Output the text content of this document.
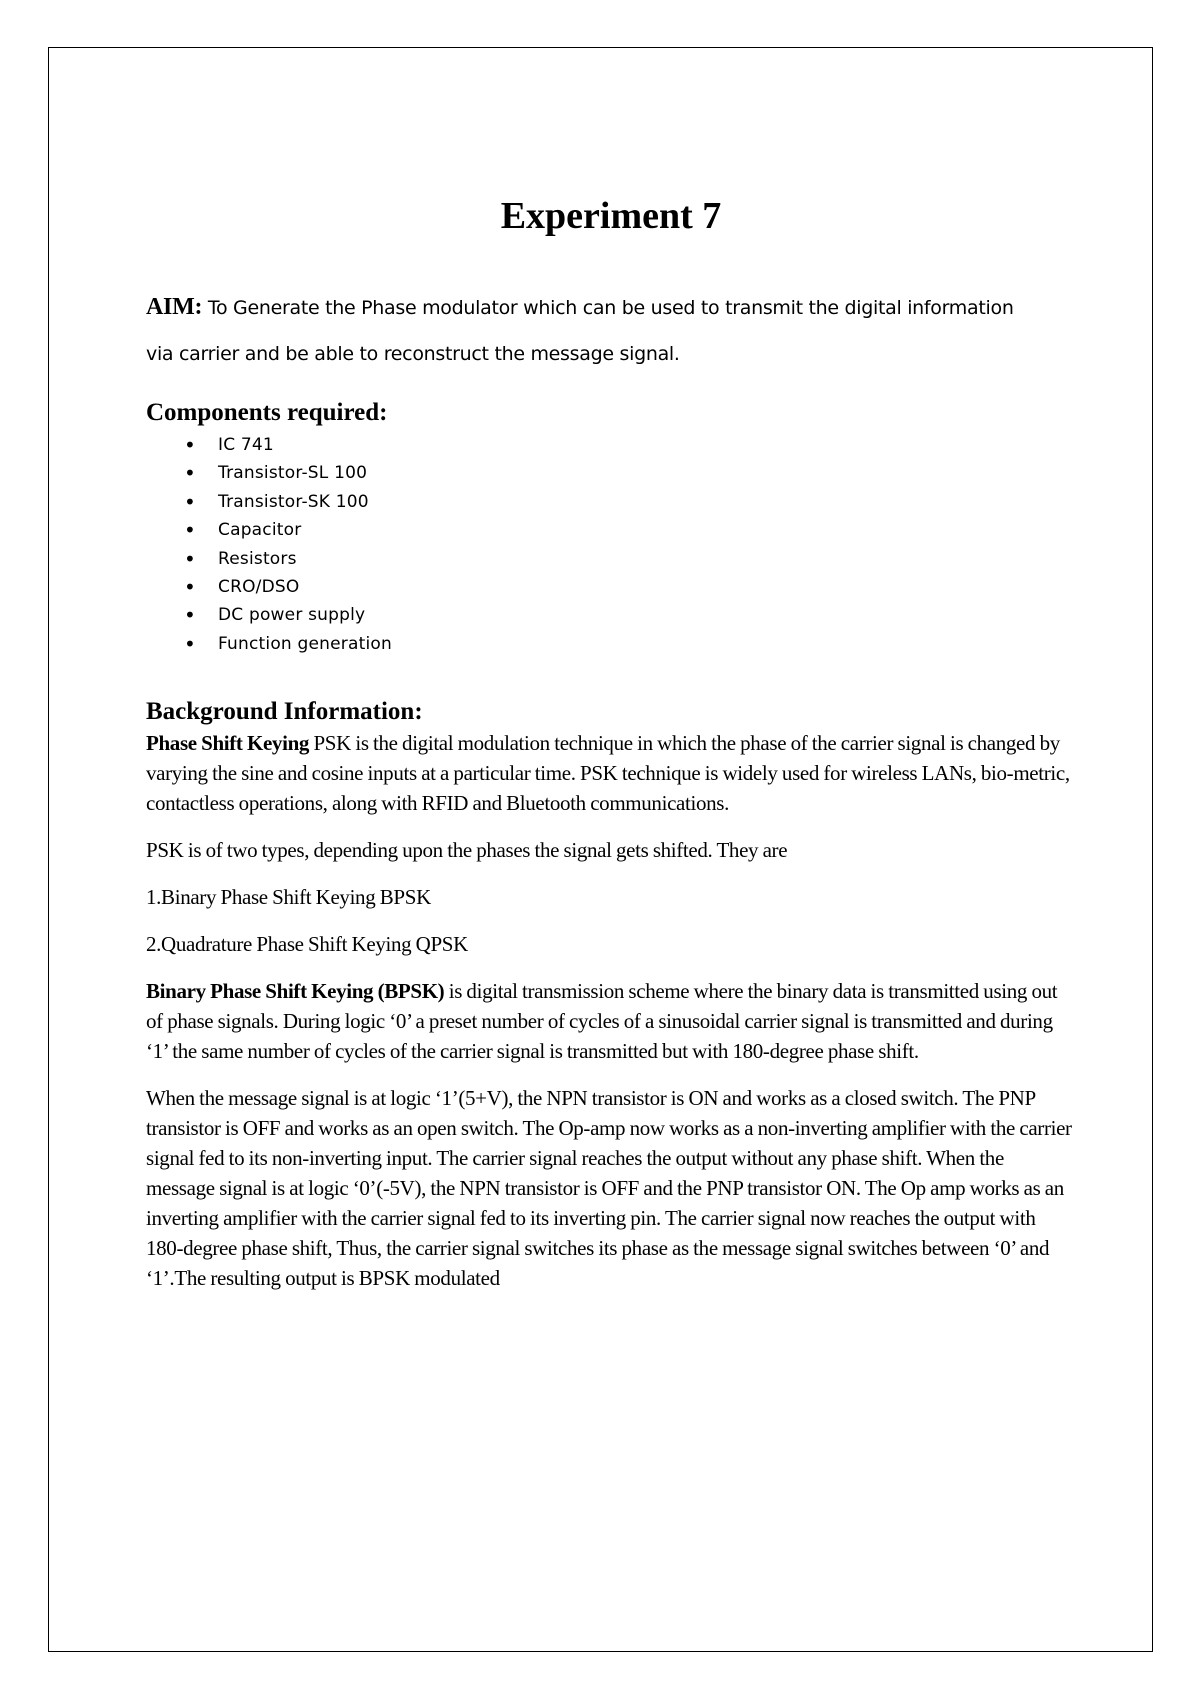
Experiment 7
AIM: To Generate the Phase modulator which can be used to transmit the digital information
via carrier and be able to reconstruct the message signal.
Components required:
• IC 741
• Transistor-SL 100
• Transistor-SK 100
• Capacitor
• Resistors
• CRO/DSO
• DC power supply
• Function generation
Background Information:

Phase Shift Keying PSK is the digital modulation technique in which the phase of the carrier signal is changed by varying the sine and cosine inputs at a particular time. PSK technique is widely used for wireless LANs, bio-metric, contactless operations, along with RFID and Bluetooth communications.

PSK is of two types, depending upon the phases the signal gets shifted. They are

1.Binary Phase Shift Keying BPSK

2.Quadrature Phase Shift Keying QPSK

Binary Phase Shift Keying (BPSK) is digital transmission scheme where the binary data is transmitted using out of phase signals. During logic ‘0’ a preset number of cycles of a sinusoidal carrier signal is transmitted and during ‘1’ the same number of cycles of the carrier signal is transmitted but with 180-degree phase shift.

When the message signal is at logic ‘1’(5+V), the NPN transistor is ON and works as a closed switch. The PNP transistor is OFF and works as an open switch. The Op-amp now works as a non-inverting amplifier with the carrier signal fed to its non-inverting input. The carrier signal reaches the output without any phase shift. When the message signal is at logic ‘0’(-5V), the NPN transistor is OFF and the PNP transistor ON. The Op amp works as an inverting amplifier with the carrier signal fed to its inverting pin. The carrier signal now reaches the output with 180-degree phase shift, Thus, the carrier signal switches its phase as the message signal switches between ‘0’ and ‘1’.The resulting output is BPSK modulated
